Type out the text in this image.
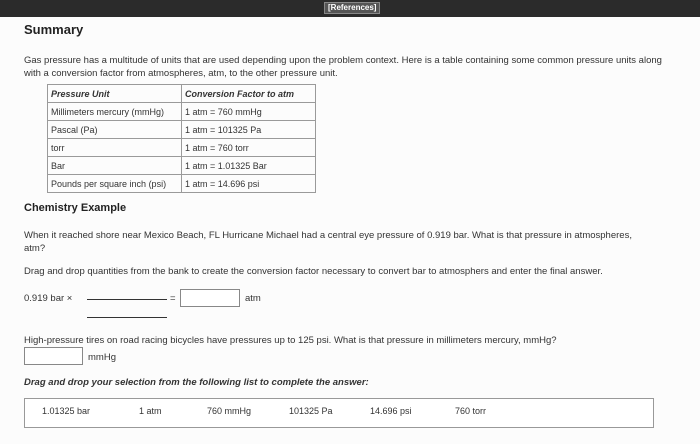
[References]
Summary

Gas pressure has a multitude of units that are used depending upon the problem context. Here is a table containing some common pressure units along with a conversion factor from atmospheres, atm, to the other pressure unit.

Pressure Unit	Conversion Factor to atm
Millimeters mercury (mmHg)	1 atm = 760 mmHg
Pascal (Pa)	1 atm = 101325 Pa
torr	1 atm = 760 torr
Bar	1 atm = 1.01325 Bar
Pounds per square inch (psi)	1 atm = 14.696 psi
Chemistry Example

When it reached shore near Mexico Beach, FL Hurricane Michael had a central eye pressure of 0.919 bar. What is that pressure in atmospheres, atm?

Drag and drop quantities from the bank to create the conversion factor necessary to convert bar to atmosphers and enter the final answer.

0.919 bar ×	=	atm

High-pressure tires on road racing bicycles have pressures up to 125 psi. What is that pressure in millimeters mercury, mmHg?

mmHg
Drag and drop your selection from the following list to complete the answer:
1.01325 bar	1 atm	760 mmHg	101325 Pa	14.696 psi	760 torr
